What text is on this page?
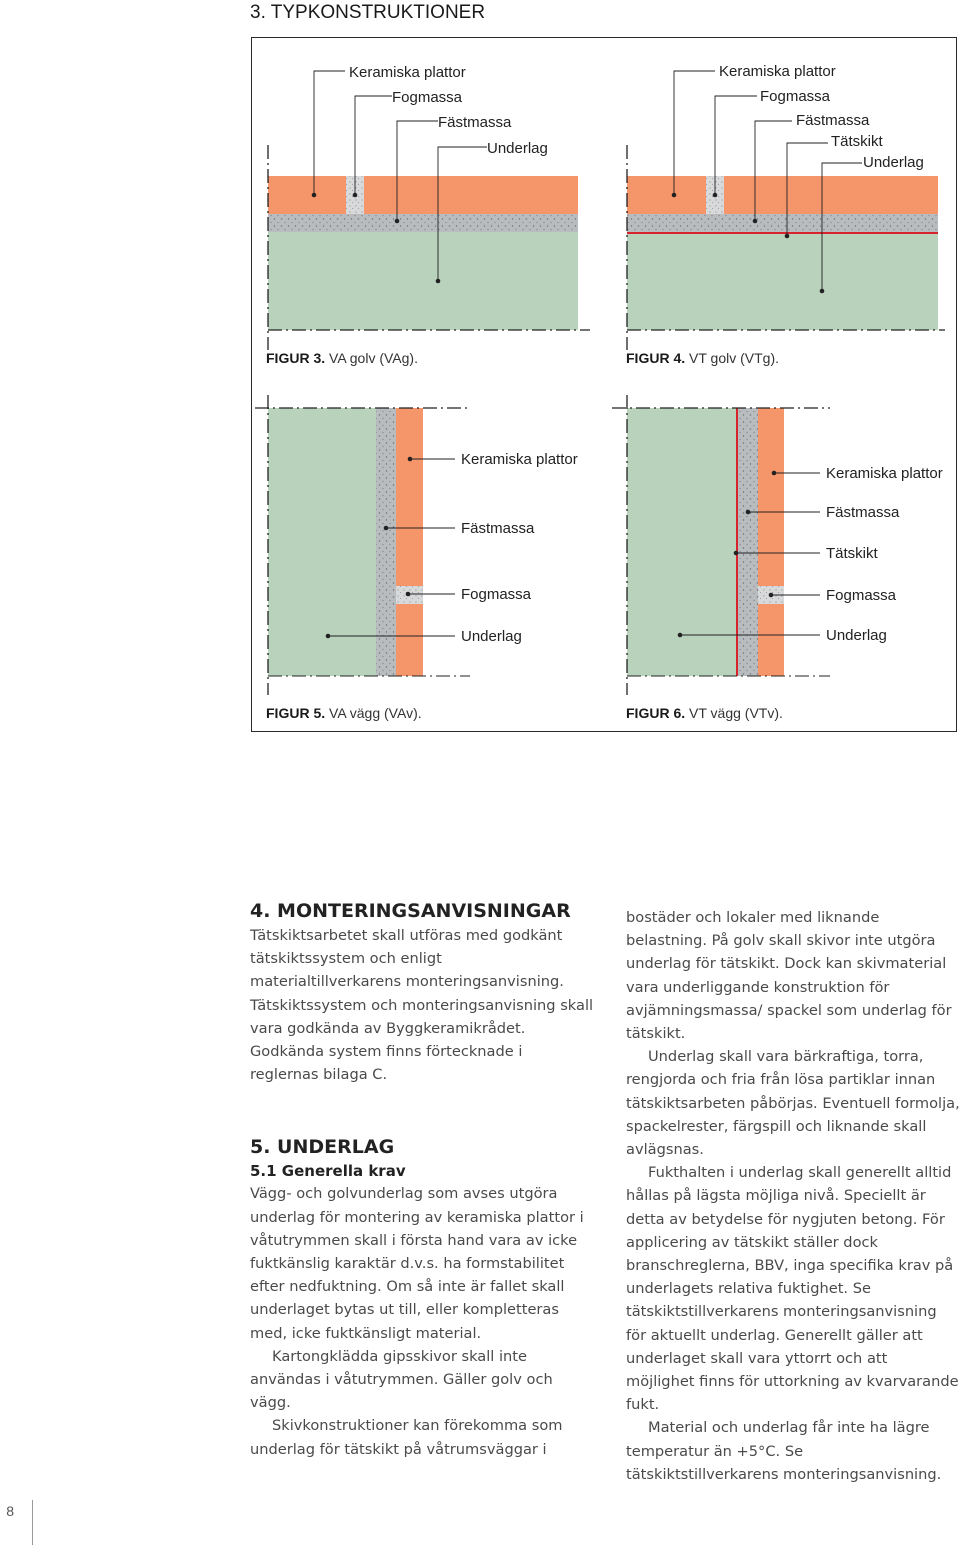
3. TYPKONSTRUKTIONER
Keramiska plattor
Fogmassa
Fästmassa
Underlag
FIGUR 3. VA golv (VAg).
Keramiska plattor
Fogmassa
Fästmassa
Tätskikt
Underlag
FIGUR 4. VT golv (VTg).
Keramiska plattor
Fästmassa
Fogmassa
Underlag
FIGUR 5. VA vägg (VAv).
Keramiska plattor
Fästmassa
Tätskikt
Fogmassa
Underlag
FIGUR 6. VT vägg (VTv).
4. MONTERINGSANVISNINGAR

Tätskiktsarbetet skall utföras med godkänt tätskiktssystem och enligt materialtillverkarens monteringsanvisning. Tätskiktssystem och monteringsanvisning skall vara godkända av Byggkeramikrådet. Godkända system finns förtecknade i reglernas bilaga C.

5. UNDERLAG
5.1 Generella krav

Vägg- och golvunderlag som avses utgöra underlag för montering av keramiska plattor i våtutrymmen skall i första hand vara av icke fuktkänslig karaktär d.v.s. ha formstabilitet efter nedfuktning. Om så inte är fallet skall underlaget bytas ut till, eller kompletteras med, icke fuktkänsligt material.

Kartongklädda gipsskivor skall inte användas i våtutrymmen. Gäller golv och vägg.

Skivkonstruktioner kan förekomma som underlag för tätskikt på våtrumsväggar i

bostäder och lokaler med liknande belastning. På golv skall skivor inte utgöra underlag för tätskikt. Dock kan skivmaterial vara underliggande konstruktion för avjämningsmassa/ spackel som underlag för tätskikt.

Underlag skall vara bärkraftiga, torra, rengjorda och fria från lösa partiklar innan tätskiktsarbeten påbörjas. Eventuell formolja, spackelrester, färgspill och liknande skall avlägsnas.

Fukthalten i underlag skall generellt alltid hållas på lägsta möjliga nivå. Speciellt är detta av betydelse för nygjuten betong. För applicering av tätskikt ställer dock branschreglerna, BBV, inga specifika krav på underlagets relativa fuktighet. Se tätskiktstillverkarens monteringsanvisning för aktuellt underlag. Generellt gäller att underlaget skall vara yttorrt och att möjlighet finns för uttorkning av kvarvarande fukt.

Material och underlag får inte ha lägre temperatur än +5°C. Se tätskiktstillverkarens monteringsanvisning.

8
